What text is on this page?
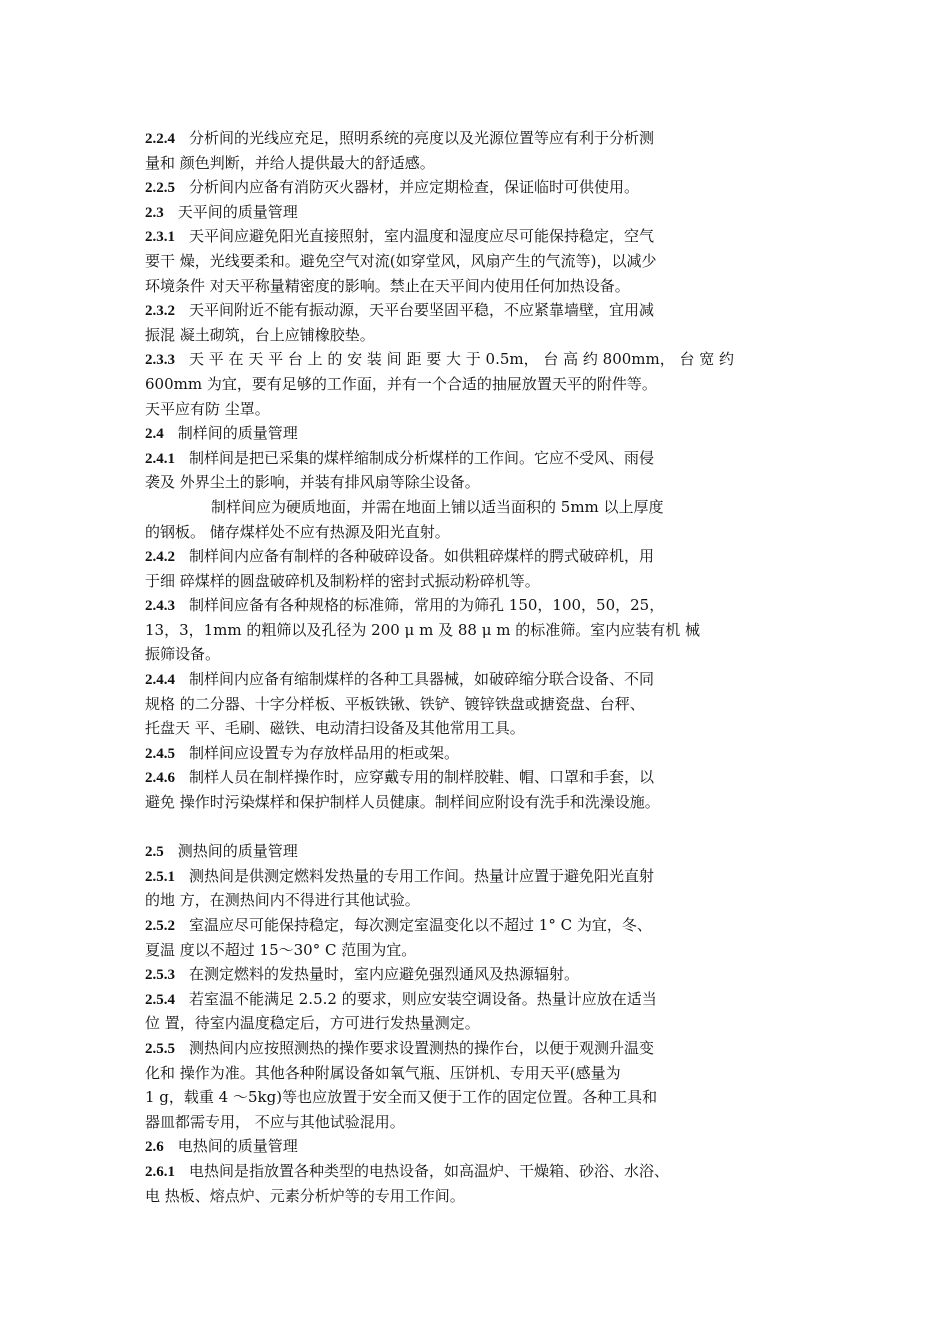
2.2.4 分析间的光线应充足，照明系统的亮度以及光源位置等应有利于分析测
量和 颜色判断，并给人提供最大的舒适感。
2.2.5 分析间内应备有消防灭火器材，并应定期检查，保证临时可供使用。
2.3 天平间的质量管理
2.3.1 天平间应避免阳光直接照射，室内温度和湿度应尽可能保持稳定，空气
要干 燥，光线要柔和。避免空气对流(如穿堂风，风扇产生的气流等)，以减少
环境条件 对天平称量精密度的影响。禁止在天平间内使用任何加热设备。
2.3.2 天平间附近不能有振动源，天平台要坚固平稳，不应紧靠墙壁，宜用减
振混 凝土砌筑，台上应铺橡胶垫。
2.3.3 天 平 在 天 平 台 上 的 安 装 间 距 要 大 于 0.5m， 台 高 约 800mm， 台 宽 约
600mm 为宜，要有足够的工作面，并有一个合适的抽屉放置天平的附件等。
天平应有防 尘罩。
2.4 制样间的质量管理
2.4.1 制样间是把已采集的煤样缩制成分析煤样的工作间。它应不受风、雨侵
袭及 外界尘土的影响，并装有排风扇等除尘设备。
制样间应为硬质地面，并需在地面上铺以适当面积的 5mm 以上厚度
的钢板。 储存煤样处不应有热源及阳光直射。
2.4.2 制样间内应备有制样的各种破碎设备。如供粗碎煤样的腭式破碎机，用
于细 碎煤样的圆盘破碎机及制粉样的密封式振动粉碎机等。
2.4.3 制样间应备有各种规格的标准筛，常用的为筛孔 150，100，50，25，
13，3，1mm 的粗筛以及孔径为 200 μ m 及 88 μ m 的标准筛。室内应装有机 械
振筛设备。
2.4.4 制样间内应备有缩制煤样的各种工具器械，如破碎缩分联合设备、不同
规格 的二分器、十字分样板、平板铁锹、铁铲、镀锌铁盘或搪瓷盘、台秤、
托盘天 平、毛刷、磁铁、电动清扫设备及其他常用工具。
2.4.5 制样间应设置专为存放样品用的柜或架。
2.4.6 制样人员在制样操作时，应穿戴专用的制样胶鞋、帽、口罩和手套，以
避免 操作时污染煤样和保护制样人员健康。制样间应附设有洗手和洗澡设施。
2.5 测热间的质量管理
2.5.1 测热间是供测定燃料发热量的专用工作间。热量计应置于避免阳光直射
的地 方，在测热间内不得进行其他试验。
2.5.2 室温应尽可能保持稳定，每次测定室温变化以不超过 1° C 为宜，冬、
夏温 度以不超过 15～30° C 范围为宜。
2.5.3 在测定燃料的发热量时，室内应避免强烈通风及热源辐射。
2.5.4 若室温不能满足 2.5.2 的要求，则应安装空调设备。热量计应放在适当
位 置，待室内温度稳定后，方可进行发热量测定。
2.5.5 测热间内应按照测热的操作要求设置测热的操作台，以便于观测升温变
化和 操作为准。其他各种附属设备如氧气瓶、压饼机、专用天平(感量为
1 g，载重 4 ～5kg)等也应放置于安全而又便于工作的固定位置。各种工具和
器皿都需专用， 不应与其他试验混用。
2.6 电热间的质量管理
2.6.1 电热间是指放置各种类型的电热设备，如高温炉、干燥箱、砂浴、水浴、
电 热板、熔点炉、元素分析炉等的专用工作间。
